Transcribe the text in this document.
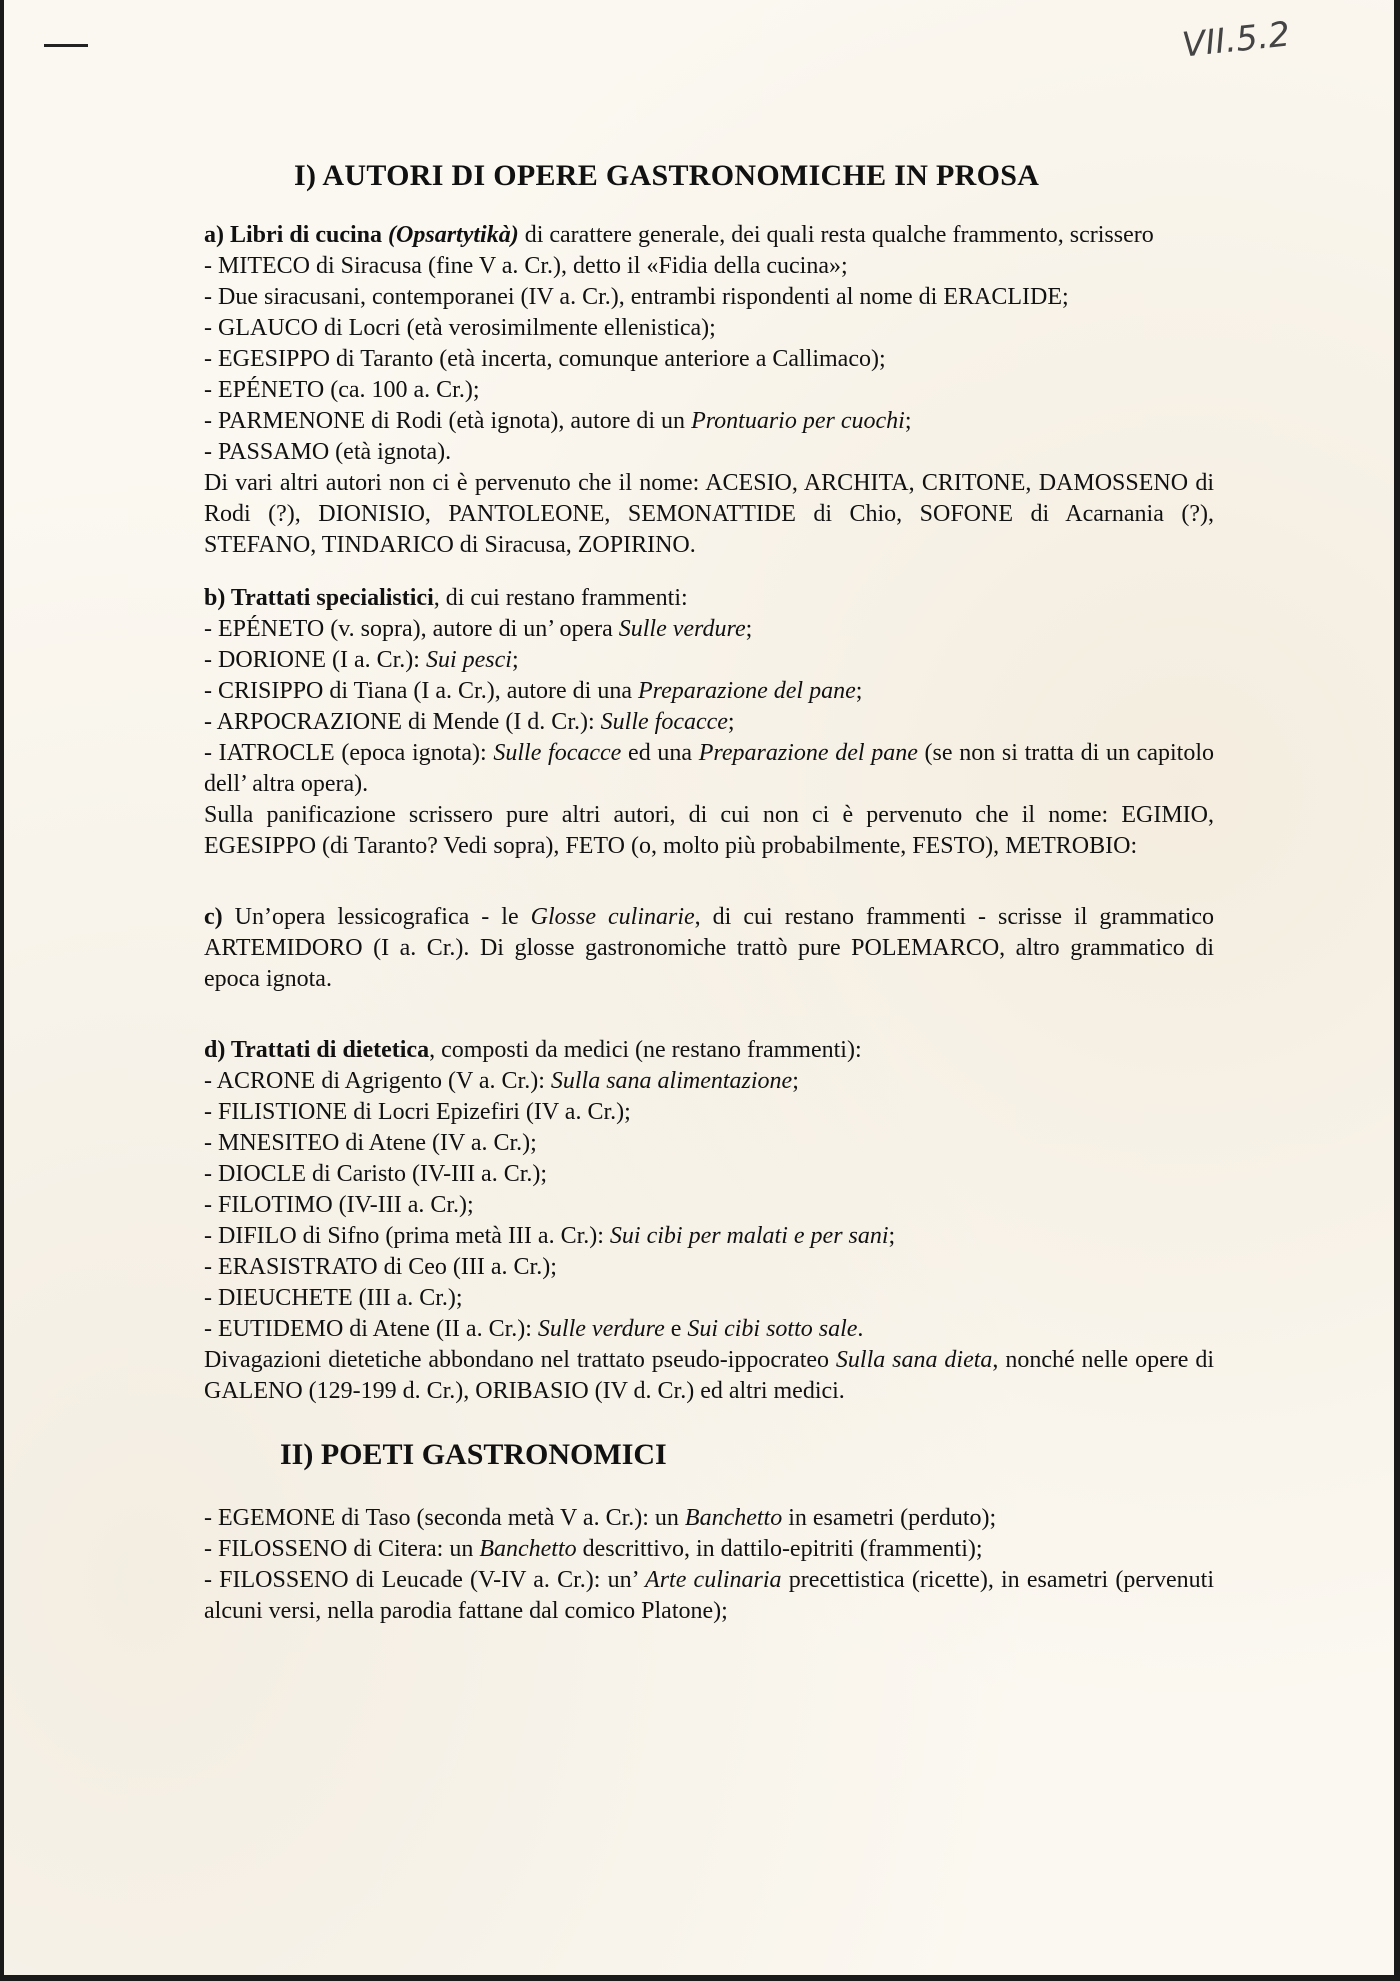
VII.5.2
I) AUTORI DI OPERE GASTRONOMICHE IN PROSA

a) Libri di cucina (Opsartytikà) di carattere generale, dei quali resta qualche frammento, scrissero

- MITECO di Siracusa (fine V a. Cr.), detto il «Fidia della cucina»;
- Due siracusani, contemporanei (IV a. Cr.), entrambi rispondenti al nome di ERACLIDE;
- GLAUCO di Locri (età verosimilmente ellenistica);
- EGESIPPO di Taranto (età incerta, comunque anteriore a Callimaco);
- EPÉNETO (ca. 100 a. Cr.);
- PARMENONE di Rodi (età ignota), autore di un Prontuario per cuochi;
- PASSAMO (età ignota).

Di vari altri autori non ci è pervenuto che il nome: ACESIO, ARCHITA, CRITONE, DAMOSSENO di Rodi (?), DIONISIO, PANTOLEONE, SEMONATTIDE di Chio, SOFONE di Acarnania (?), STEFANO, TINDARICO di Siracusa, ZOPIRINO.

b) Trattati specialistici, di cui restano frammenti:

- EPÉNETO (v. sopra), autore di un’ opera Sulle verdure;
- DORIONE (I a. Cr.): Sui pesci;
- CRISIPPO di Tiana (I a. Cr.), autore di una Preparazione del pane;
- ARPOCRAZIONE di Mende (I d. Cr.): Sulle focacce;

- IATROCLE (epoca ignota): Sulle focacce ed una Preparazione del pane (se non si tratta di un capitolo dell’ altra opera).

Sulla panificazione scrissero pure altri autori, di cui non ci è pervenuto che il nome: EGIMIO, EGESIPPO (di Taranto? Vedi sopra), FETO (o, molto più probabilmente, FESTO), METROBIO:

c) Un’opera lessicografica - le Glosse culinarie, di cui restano frammenti - scrisse il grammatico ARTEMIDORO (I a. Cr.). Di glosse gastronomiche trattò pure POLEMARCO, altro grammatico di epoca ignota.

d) Trattati di dietetica, composti da medici (ne restano frammenti):

- ACRONE di Agrigento (V a. Cr.): Sulla sana alimentazione;
- FILISTIONE di Locri Epizefiri (IV a. Cr.);
- MNESITEO di Atene (IV a. Cr.);
- DIOCLE di Caristo (IV-III a. Cr.);
- FILOTIMO (IV-III a. Cr.);
- DIFILO di Sifno (prima metà III a. Cr.): Sui cibi per malati e per sani;
- ERASISTRATO di Ceo (III a. Cr.);
- DIEUCHETE (III a. Cr.);
- EUTIDEMO di Atene (II a. Cr.): Sulle verdure e Sui cibi sotto sale.

Divagazioni dietetiche abbondano nel trattato pseudo-ippocrateo Sulla sana dieta, nonché nelle opere di GALENO (129-199 d. Cr.), ORIBASIO (IV d. Cr.) ed altri medici.

II) POETI GASTRONOMICI
- EGEMONE di Taso (seconda metà V a. Cr.): un Banchetto in esametri (perduto);
- FILOSSENO di Citera: un Banchetto descrittivo, in dattilo-epitriti (frammenti);
- FILOSSENO di Leucade (V-IV a. Cr.): un’ Arte culinaria precettistica (ricette), in esametri (pervenuti alcuni versi, nella parodia fattane dal comico Platone);
